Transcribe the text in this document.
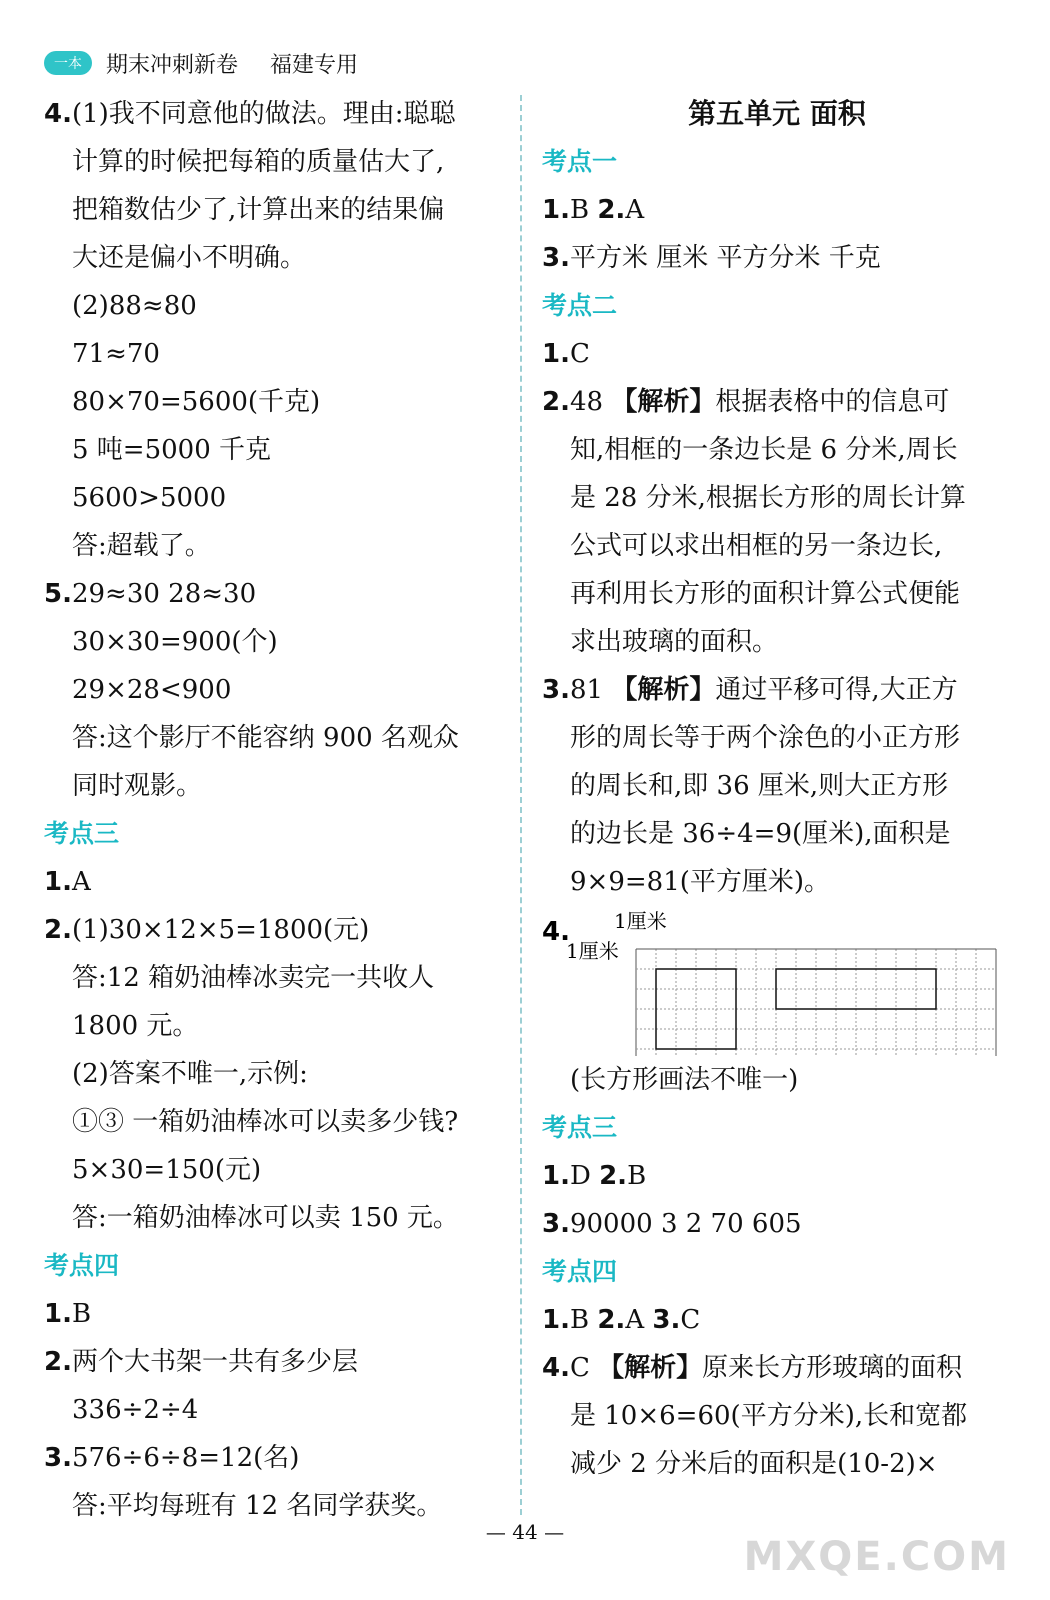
一本	期末冲刺新卷 福建专用
4.(1)我不同意他的做法。理由:聪聪
计算的时候把每箱的质量估大了,
把箱数估少了,计算出来的结果偏
大还是偏小不明确。
(2)88≈80
71≈70
80×70=5600(千克)
5 吨=5000 千克
5600>5000
答:超载了。
5.29≈30 28≈30
30×30=900(个)
29×28<900
答:这个影厅不能容纳 900 名观众
同时观影。
考点三
1.A
2.(1)30×12×5=1800(元)
答:12 箱奶油棒冰卖完一共收人
1800 元。
(2)答案不唯一,示例:
①③ 一箱奶油棒冰可以卖多少钱?
5×30=150(元)
答:一箱奶油棒冰可以卖 150 元。
考点四
1.B
2.两个大书架一共有多少层
336÷2÷4
3.576÷6÷8=12(名)
答:平均每班有 12 名同学获奖。
第五单元 面积
考点一
1.B 2.A
3.平方米 厘米 平方分米 千克
考点二
1.C
2.48 【解析】根据表格中的信息可
知,相框的一条边长是 6 分米,周长
是 28 分米,根据长方形的周长计算
公式可以求出相框的另一条边长,
再利用长方形的面积计算公式便能
求出玻璃的面积。
3.81 【解析】通过平移可得,大正方
形的周长等于两个涂色的小正方形
的周长和,即 36 厘米,则大正方形
的边长是 36÷4=9(厘米),面积是
9×9=81(平方厘米)。
4. 1厘米
1厘米
(长方形画法不唯一)
考点三
1.D 2.B
3.90000 3 2 70 605
考点四
1.B 2.A 3.C
4.C 【解析】原来长方形玻璃的面积
是 10×6=60(平方分米),长和宽都
减少 2 分米后的面积是(10-2)×
— 44 —
MXQE.COM
